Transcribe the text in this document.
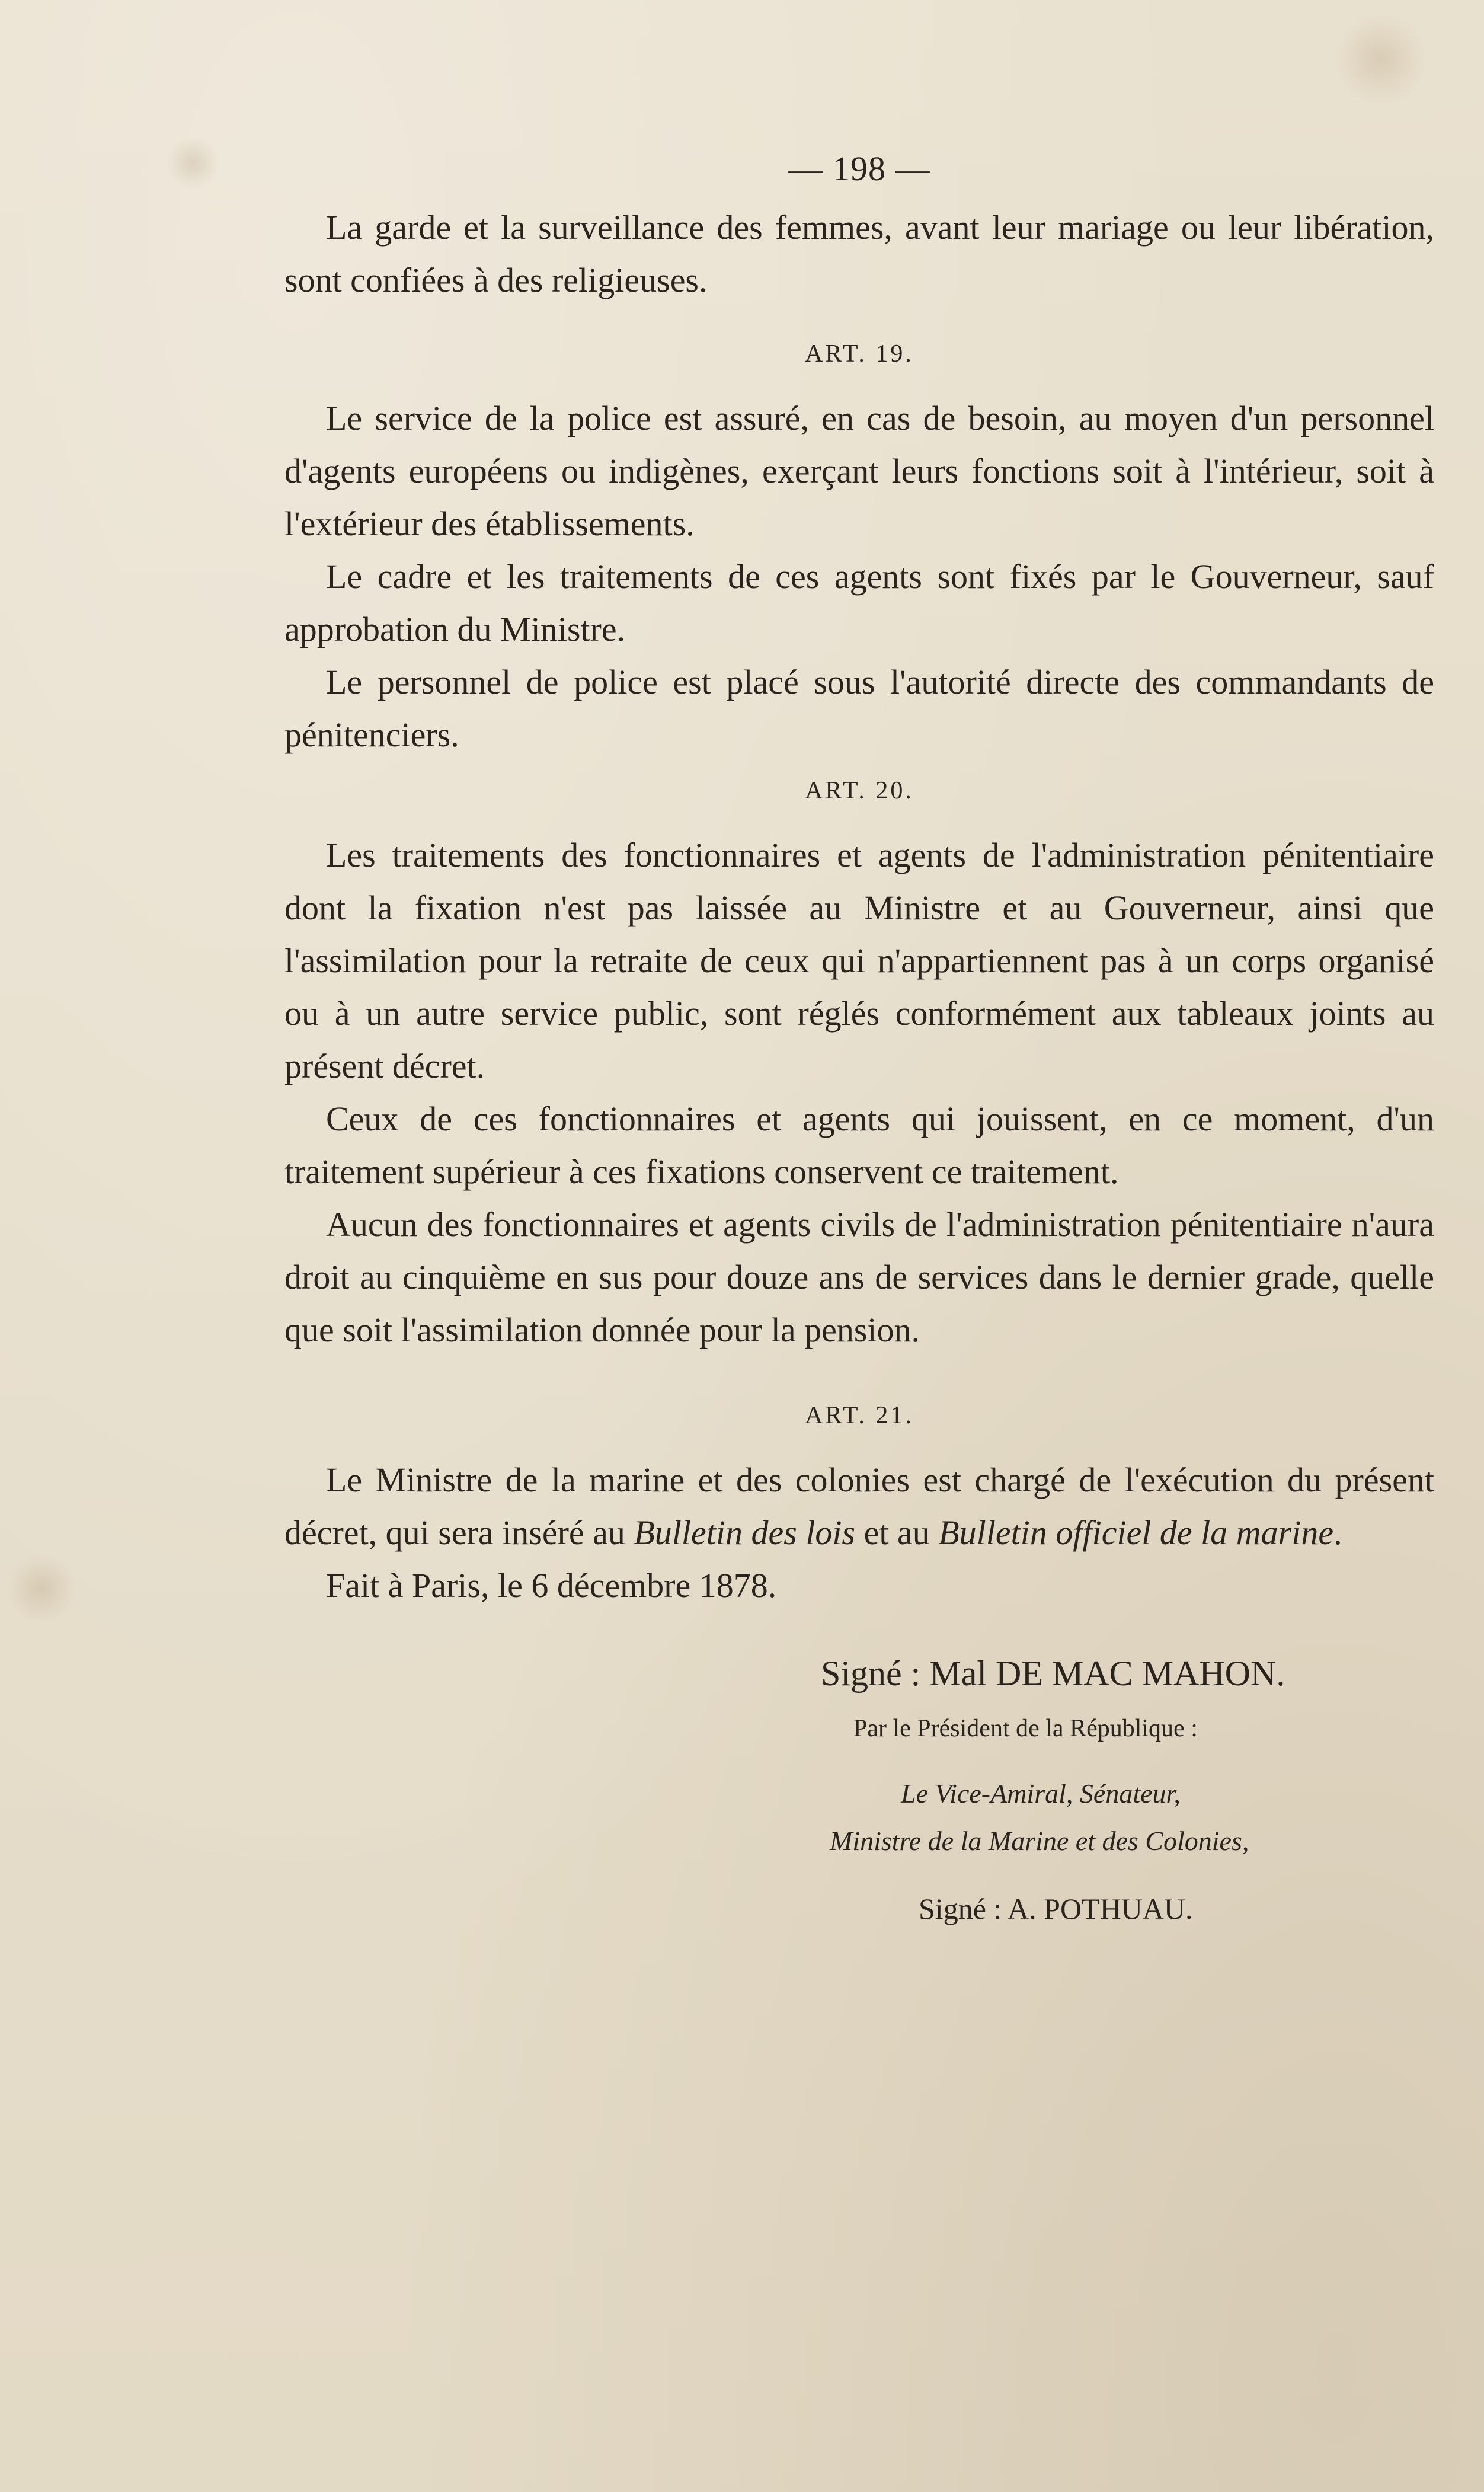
— 198 —

La garde et la surveillance des femmes, avant leur mariage ou leur libération, sont confiées à des religieuses.

ART. 19.

Le service de la police est assuré, en cas de besoin, au moyen d'un personnel d'agents européens ou indigènes, exerçant leurs fonctions soit à l'intérieur, soit à l'extérieur des établissements.

Le cadre et les traitements de ces agents sont fixés par le Gouverneur, sauf approbation du Ministre.

Le personnel de police est placé sous l'autorité directe des commandants de pénitenciers.

ART. 20.

Les traitements des fonctionnaires et agents de l'administration pénitentiaire dont la fixation n'est pas laissée au Ministre et au Gouverneur, ainsi que l'assimilation pour la retraite de ceux qui n'appartiennent pas à un corps organisé ou à un autre service public, sont réglés conformément aux tableaux joints au présent décret.

Ceux de ces fonctionnaires et agents qui jouissent, en ce moment, d'un traitement supérieur à ces fixations conservent ce traitement.

Aucun des fonctionnaires et agents civils de l'administration pénitentiaire n'aura droit au cinquième en sus pour douze ans de services dans le dernier grade, quelle que soit l'assimilation donnée pour la pension.

ART. 21.

Le Ministre de la marine et des colonies est chargé de l'exécution du présent décret, qui sera inséré au Bulletin des lois et au Bulletin officiel de la marine.

Fait à Paris, le 6 décembre 1878.

Signé : Mal DE MAC MAHON.
Par le Président de la République :
Le Vice-Amiral, Sénateur,
Ministre de la Marine et des Colonies,
Signé : A. POTHUAU.
